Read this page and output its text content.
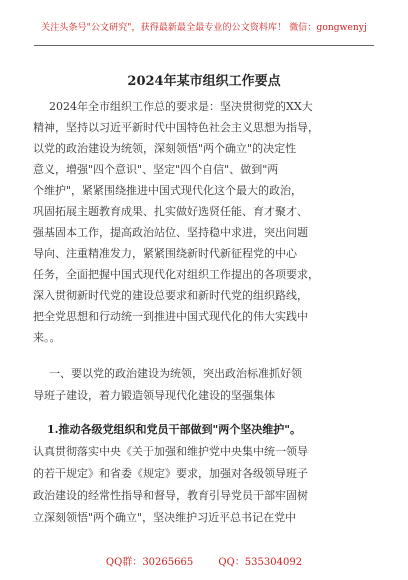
关注头条号"公文研究"，获得最新最全最专业的公文资料库！ 微信：gongwenyj
2024年某市组织工作要点
2024年全市组织工作总的要求是：坚决贯彻党的XX大
精神，坚持以习近平新时代中国特色社会主义思想为指导，
以党的政治建设为统领，深刻领悟"两个确立"的决定性
意义，增强"四个意识"、坚定"四个自信"、做到"两
个维护"，紧紧围绕推进中国式现代化这个最大的政治，
巩固拓展主题教育成果、扎实做好选贤任能、育才聚才、
强基固本工作，提高政治站位、坚持稳中求进，突出问题
导向、注重精准发力，紧紧围绕新时代新征程党的中心
任务，全面把握中国式现代化对组织工作提出的各项要求，
深入贯彻新时代党的建设总要求和新时代党的组织路线，
把全党思想和行动统一到推进中国式现代化的伟大实践中
来。。
一、要以党的政治建设为统领，突出政治标准抓好领
导班子建设，着力锻造领导现代化建设的坚强集体
1.推动各级党组织和党员干部做到"两个坚决维护"。
认真贯彻落实中央《关于加强和维护党中央集中统一领导
的若干规定》和省委《规定》要求，加强对各级领导班子
政治建设的经常性指导和督导，教育引导党员干部牢固树
立深刻领悟"两个确立"，坚决维护习近平总书记在党中
QQ群：30265665	QQ：535304092
